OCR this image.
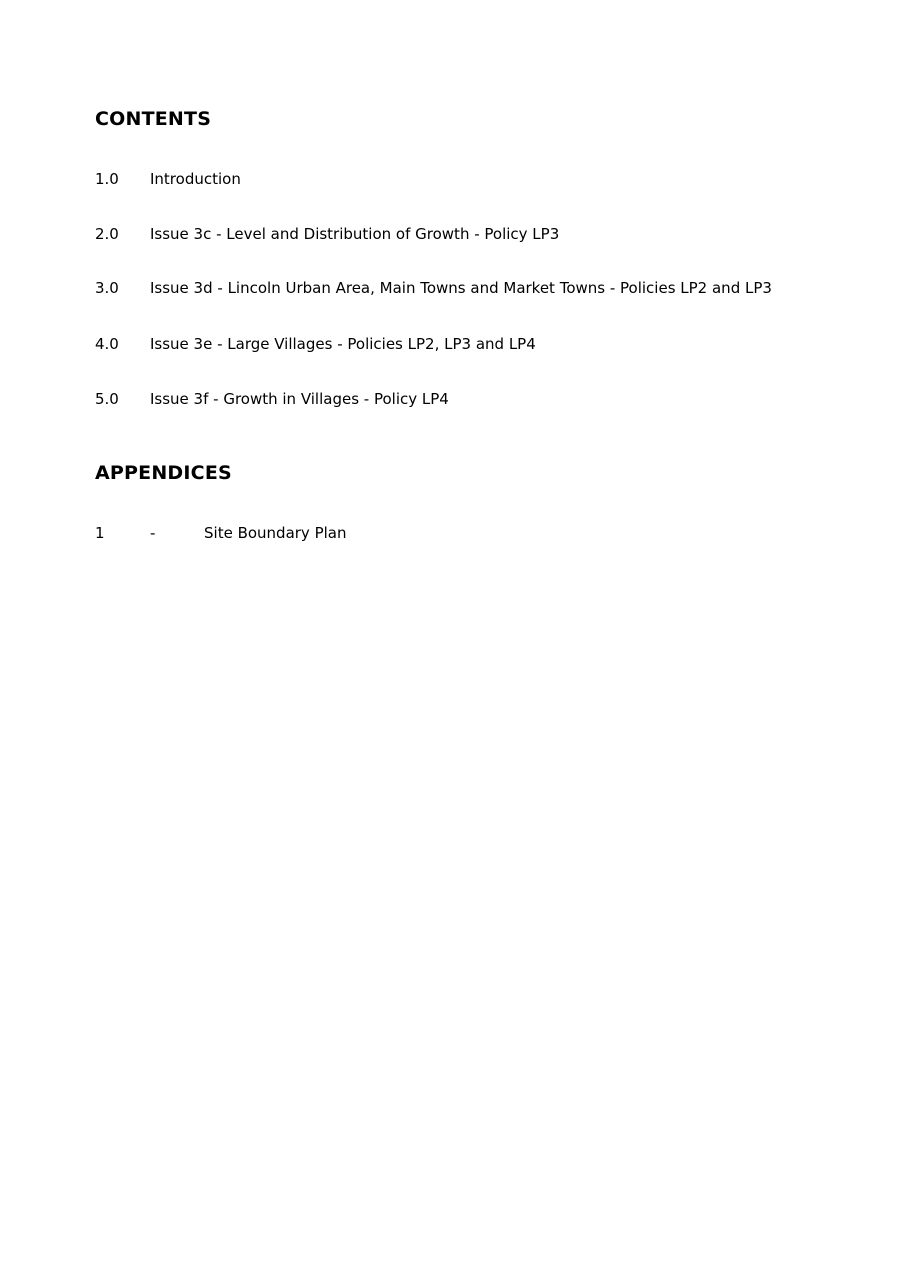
CONTENTS
1.0 Introduction
2.0 Issue 3c - Level and Distribution of Growth - Policy LP3
3.0 Issue 3d - Lincoln Urban Area, Main Towns and Market Towns - Policies LP2 and LP3
4.0 Issue 3e - Large Villages - Policies LP2, LP3 and LP4
5.0 Issue 3f - Growth in Villages - Policy LP4
APPENDICES
1	-	Site Boundary Plan
